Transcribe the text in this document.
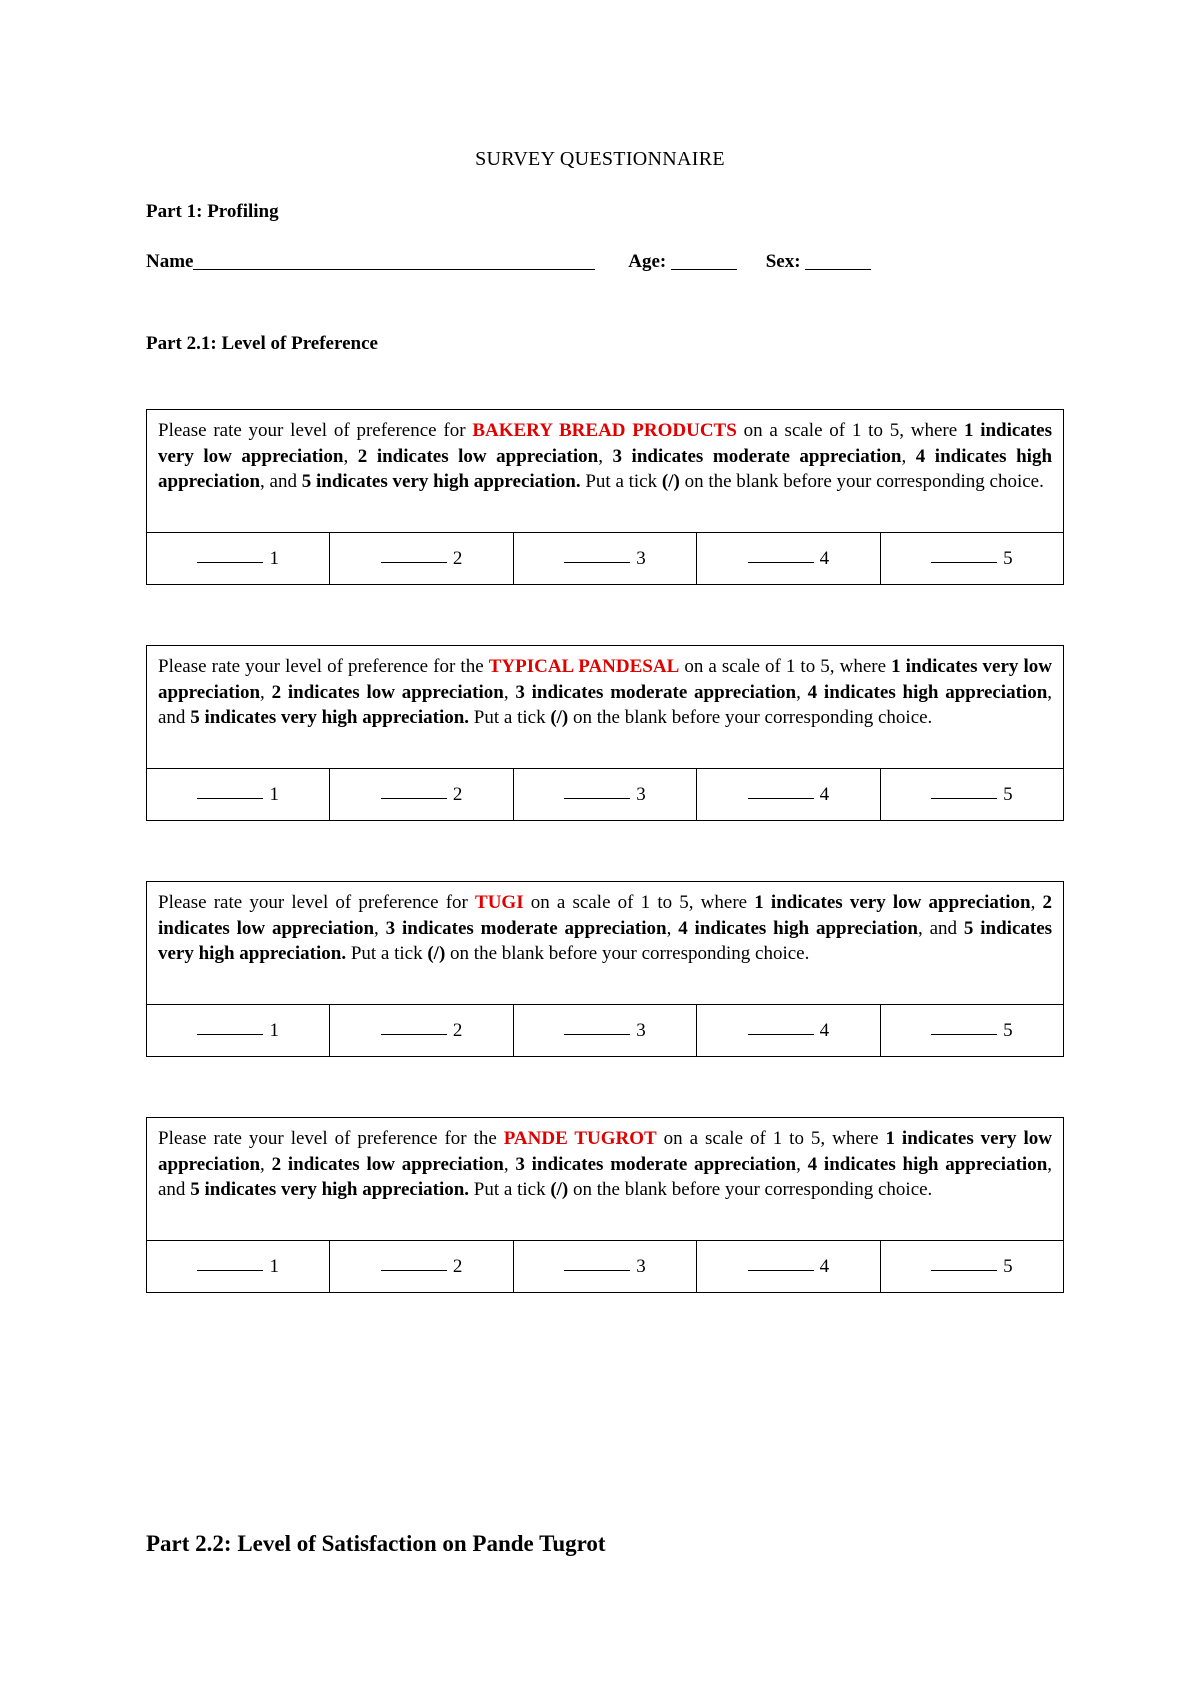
SURVEY QUESTIONNAIRE
Part 1: Profiling
Name	Age:	Sex:
Part 2.1: Level of Preference
Please rate your level of preference for BAKERY BREAD PRODUCTS on a scale of 1 to 5, where 1 indicates very low appreciation, 2 indicates low appreciation, 3 indicates moderate appreciation, 4 indicates high appreciation, and 5 indicates very high appreciation. Put a tick (/) on the blank before your corresponding choice.
1	2	3	4	5
Please rate your level of preference for the TYPICAL PANDESAL on a scale of 1 to 5, where 1 indicates very low appreciation, 2 indicates low appreciation, 3 indicates moderate appreciation, 4 indicates high appreciation, and 5 indicates very high appreciation. Put a tick (/) on the blank before your corresponding choice.
1	2	3	4	5
Please rate your level of preference for TUGI on a scale of 1 to 5, where 1 indicates very low appreciation, 2 indicates low appreciation, 3 indicates moderate appreciation, 4 indicates high appreciation, and 5 indicates very high appreciation. Put a tick (/) on the blank before your corresponding choice.
1	2	3	4	5
Please rate your level of preference for the PANDE TUGROT on a scale of 1 to 5, where 1 indicates very low appreciation, 2 indicates low appreciation, 3 indicates moderate appreciation, 4 indicates high appreciation, and 5 indicates very high appreciation. Put a tick (/) on the blank before your corresponding choice.
1	2	3	4	5
Part 2.2: Level of Satisfaction on Pande Tugrot
